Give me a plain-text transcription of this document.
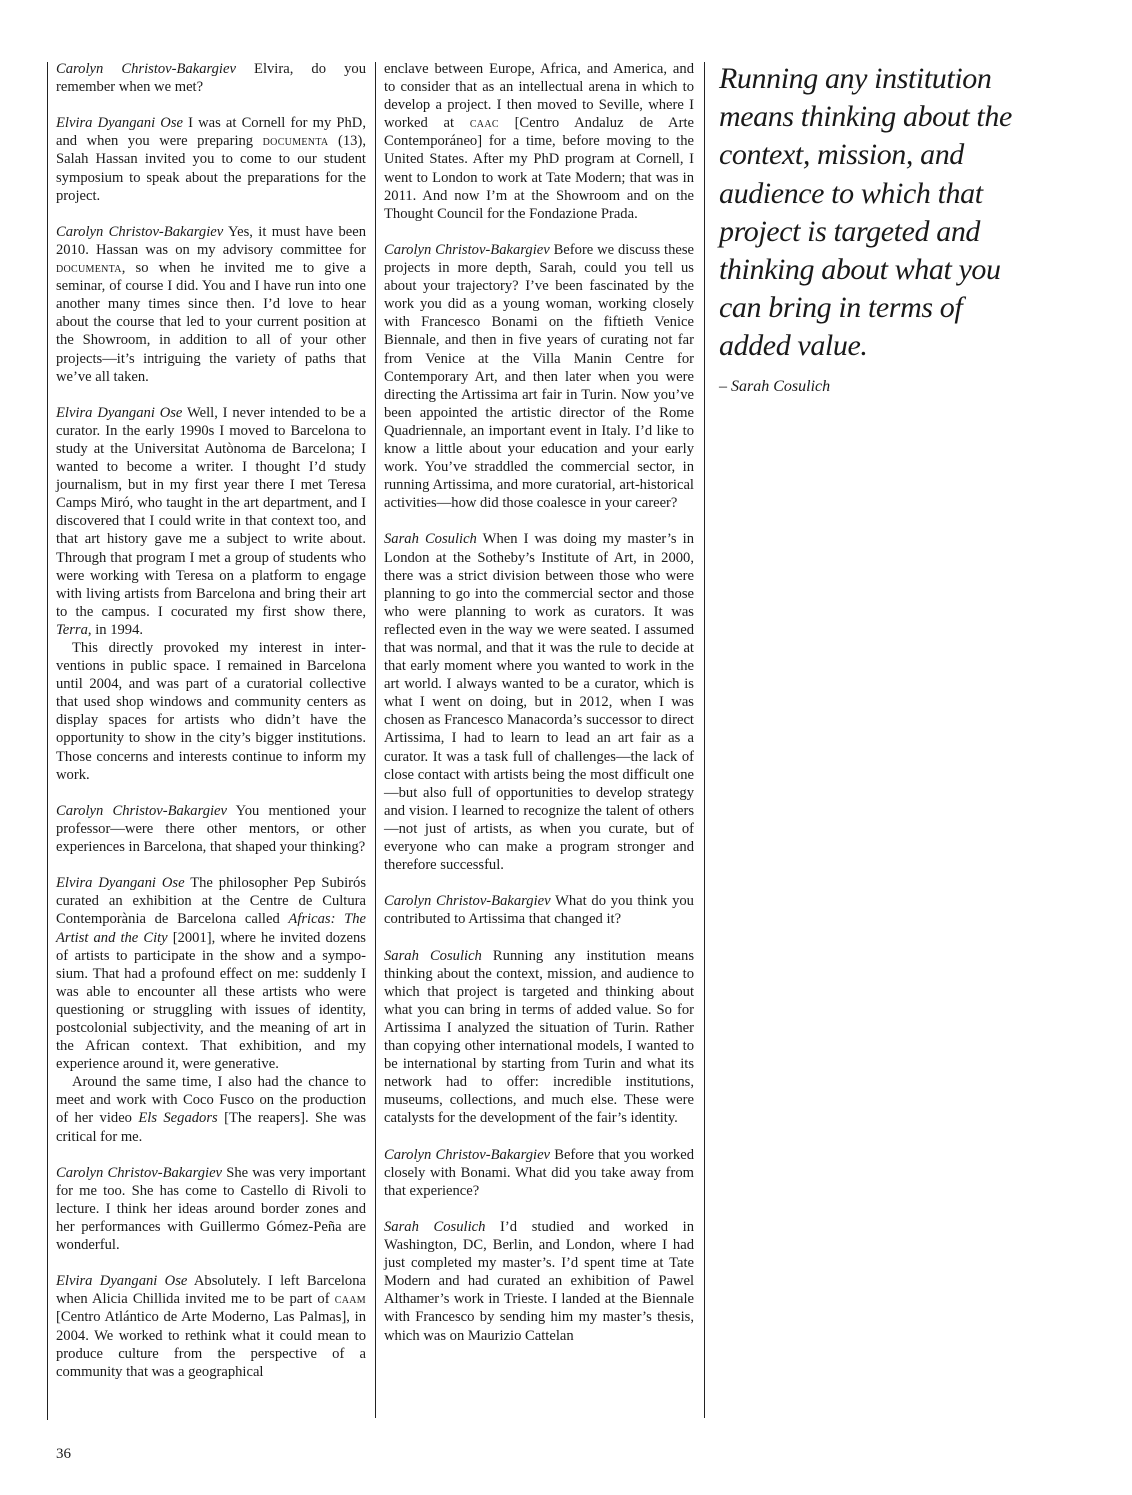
Carolyn Christov-Bakargiev Elvira, do you remember when we met?

Elvira Dyangani Ose I was at Cornell for my PhD, and when you were preparing documenta (13), Salah Hassan invited you to come to our student symposium to speak about the preparations for the project.

Carolyn Christov-Bakargiev Yes, it must have been 2010. Hassan was on my advisory committee for documenta, so when he invited me to give a seminar, of course I did. You and I have run into one another many times since then. I’d love to hear about the course that led to your current position at the Showroom, in addition to all of your other projects—it’s intriguing the variety of paths that we’ve all taken.

Elvira Dyangani Ose Well, I never intended to be a curator. In the early 1990s I moved to Barcelona to study at the Universitat Autònoma de Barcelona; I wanted to become a writer. I thought I’d study journalism, but in my first year there I met Teresa Camps Miró, who taught in the art department, and I discovered that I could write in that context too, and that art history gave me a subject to write about. Through that program I met a group of students who were working with Teresa on a platform to engage with living artists from Barcelona and bring their art to the campus. I cocurated my first show there, Terra, in 1994.

This directly provoked my interest in interventions in public space. I remained in Barcelona until 2004, and was part of a curatorial collective that used shop windows and community centers as display spaces for artists who didn’t have the opportunity to show in the city’s bigger institutions. Those concerns and interests continue to inform my work.

Carolyn Christov-Bakargiev You mentioned your professor—were there other mentors, or other experiences in Barcelona, that shaped your thinking?

Elvira Dyangani Ose The philosopher Pep Subirós curated an exhibition at the Centre de Cultura Contemporània de Barcelona called Africas: The Artist and the City [2001], where he invited dozens of artists to participate in the show and a symposium. That had a profound effect on me: suddenly I was able to encounter all these artists who were questioning or struggling with issues of identity, postcolonial subjectivity, and the meaning of art in the African context. That exhibition, and my experience around it, were generative.

Around the same time, I also had the chance to meet and work with Coco Fusco on the production of her video Els Segadors [The reapers]. She was critical for me.

Carolyn Christov-Bakargiev She was very important for me too. She has come to Castello di Rivoli to lecture. I think her ideas around border zones and her performances with Guillermo Gómez-Peña are wonderful.

Elvira Dyangani Ose Absolutely. I left Barcelona when Alicia Chillida invited me to be part of caam [Centro Atlántico de Arte Moderno, Las Palmas], in 2004. We worked to rethink what it could mean to produce culture from the perspective of a community that was a geographical

enclave between Europe, Africa, and America, and to consider that as an intellectual arena in which to develop a project. I then moved to Seville, where I worked at caac [Centro Andaluz de Arte Contemporáneo] for a time, before moving to the United States. After my PhD program at Cornell, I went to London to work at Tate Modern; that was in 2011. And now I’m at the Showroom and on the Thought Council for the Fondazione Prada.

Carolyn Christov-Bakargiev Before we discuss these projects in more depth, Sarah, could you tell us about your trajectory? I’ve been fascinated by the work you did as a young woman, working closely with Francesco Bonami on the fiftieth Venice Biennale, and then in five years of curating not far from Venice at the Villa Manin Centre for Contemporary Art, and then later when you were directing the Artissima art fair in Turin. Now you’ve been appointed the artistic director of the Rome Quadriennale, an important event in Italy. I’d like to know a little about your education and your early work. You’ve straddled the commercial sector, in running Artissima, and more curatorial, art-historical activities—how did those coalesce in your career?

Sarah Cosulich When I was doing my master’s in London at the Sotheby’s Institute of Art, in 2000, there was a strict division between those who were planning to go into the commercial sector and those who were planning to work as curators. It was reflected even in the way we were seated. I assumed that was normal, and that it was the rule to decide at that early moment where you wanted to work in the art world. I always wanted to be a curator, which is what I went on doing, but in 2012, when I was chosen as Francesco Manacorda’s successor to direct Artissima, I had to learn to lead an art fair as a curator. It was a task full of challenges—the lack of close contact with artists being the most difficult one—but also full of opportunities to develop strategy and vision. I learned to recognize the talent of others—not just of artists, as when you curate, but of everyone who can make a program stronger and therefore successful.

Carolyn Christov-Bakargiev What do you think you contributed to Artissima that changed it?

Sarah Cosulich Running any institution means thinking about the context, mission, and audience to which that project is targeted and thinking about what you can bring in terms of added value. So for Artissima I analyzed the situation of Turin. Rather than copying other international models, I wanted to be international by starting from Turin and what its network had to offer: incredible institutions, museums, collections, and much else. These were catalysts for the development of the fair’s identity.

Carolyn Christov-Bakargiev Before that you worked closely with Bonami. What did you take away from that experience?

Sarah Cosulich I’d studied and worked in Washington, DC, Berlin, and London, where I had just completed my master’s. I’d spent time at Tate Modern and had curated an exhibition of Pawel Althamer’s work in Trieste. I landed at the Biennale with Francesco by sending him my master’s thesis, which was on Maurizio Cattelan

Running any institution means thinking about the context, mission, and audience to which that project is targeted and thinking about what you can bring in terms of added value.
– Sarah Cosulich
36
